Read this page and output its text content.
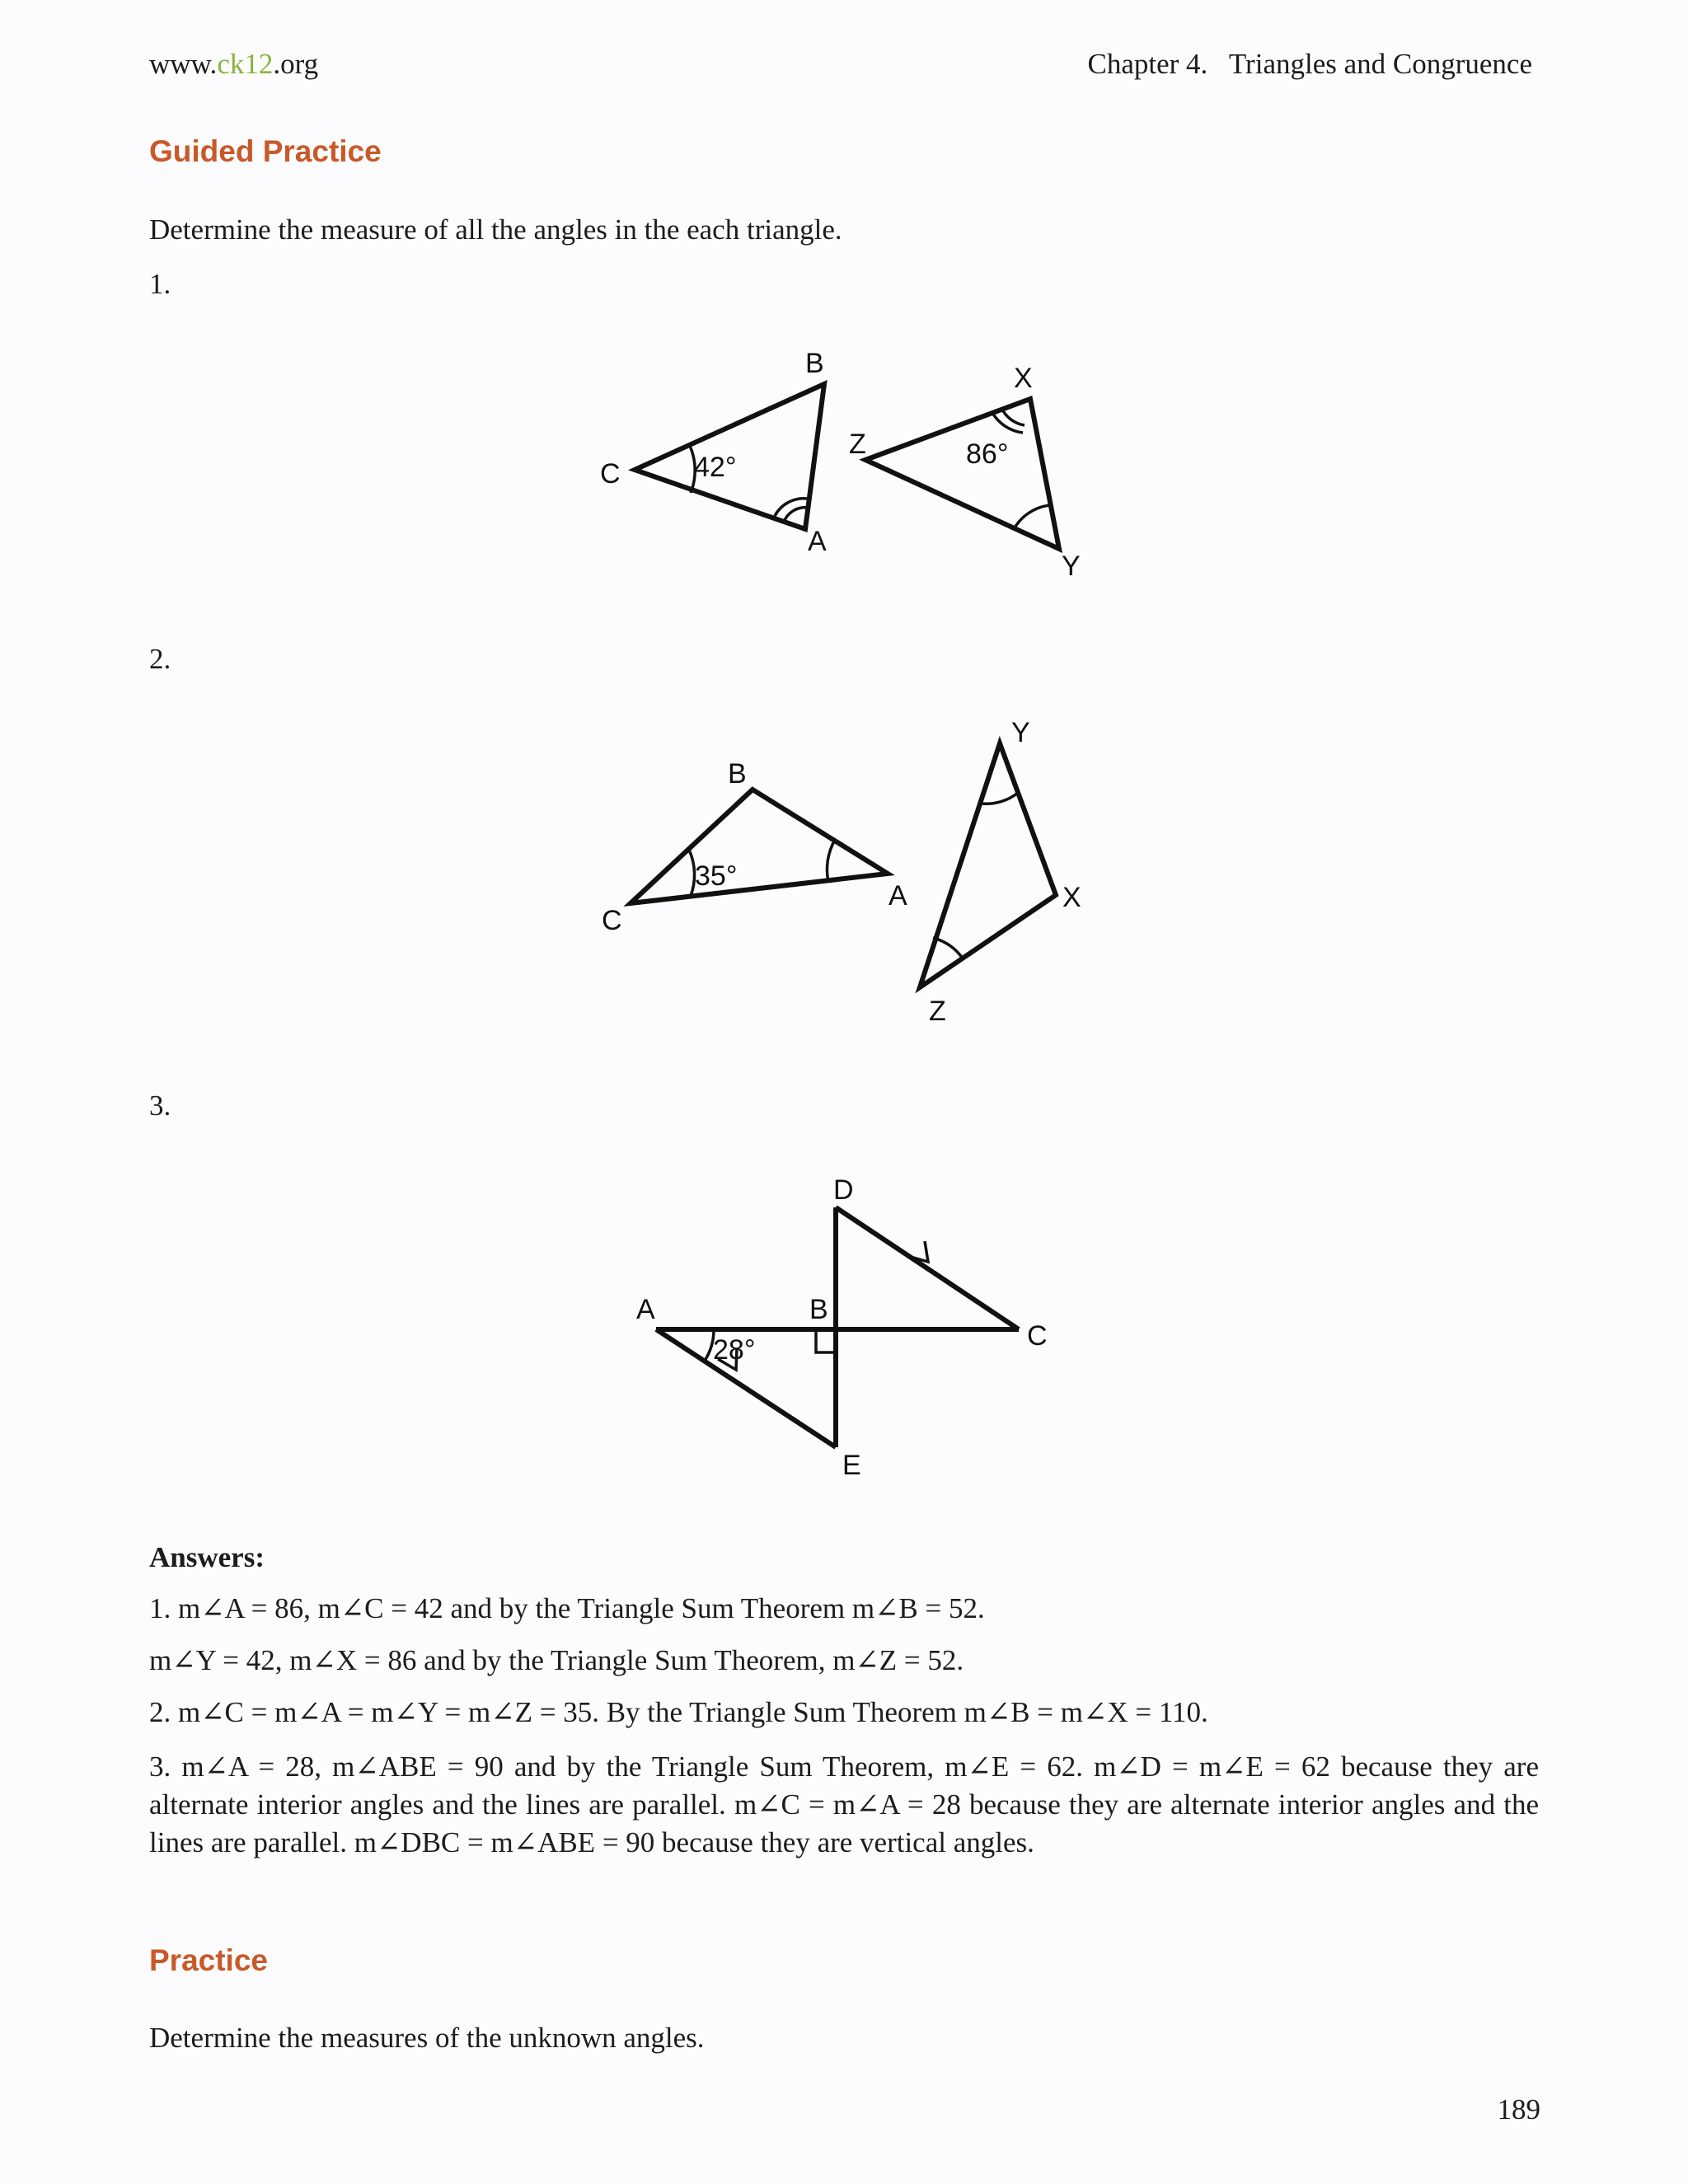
www.ck12.org	Chapter 4.   Triangles and Congruence
Guided Practice
Determine the measure of all the angles in the each triangle.
1.
B
C
A
Z
X
Y
42°	86°
2.
B
C
A
Y
X
Z
35°
3.
D
A	B
C
E
28°
Answers:
1. m∠A = 86, m∠C = 42 and by the Triangle Sum Theorem m∠B = 52.
m∠Y = 42, m∠X = 86 and by the Triangle Sum Theorem, m∠Z = 52.
2. m∠C = m∠A = m∠Y = m∠Z = 35. By the Triangle Sum Theorem m∠B = m∠X = 110.
3. m∠A = 28, m∠ABE = 90 and by the Triangle Sum Theorem, m∠E = 62. m∠D = m∠E = 62 because they are alternate interior angles and the lines are parallel. m∠C = m∠A = 28 because they are alternate interior angles and the lines are parallel. m∠DBC = m∠ABE = 90 because they are vertical angles.
Practice
Determine the measures of the unknown angles.
189
